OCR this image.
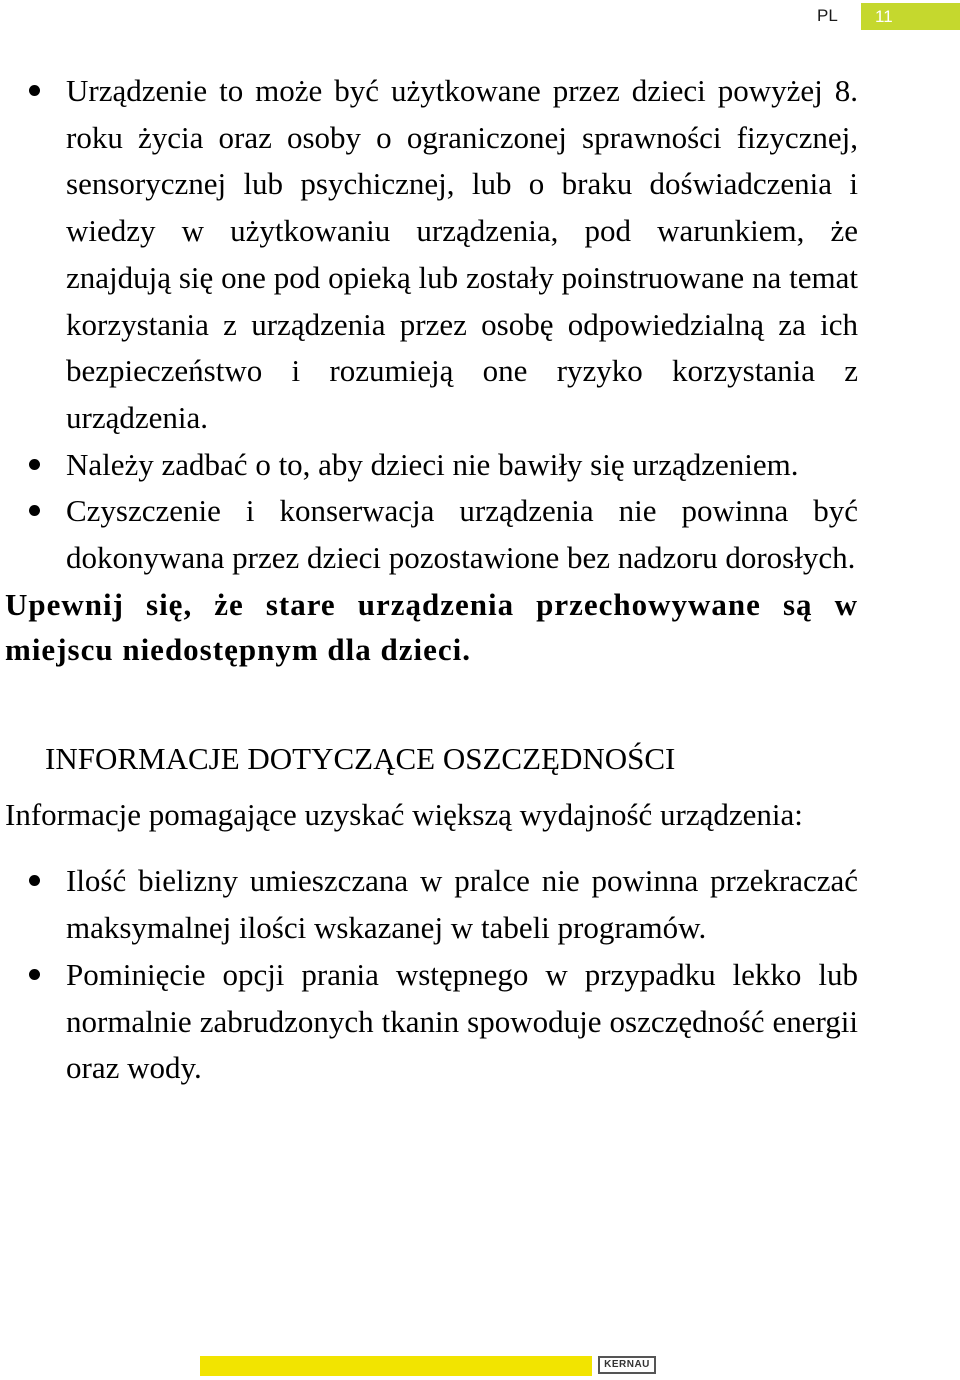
PL	11
Urządzenie to może być użytkowane przez dzieci powyżej 8. roku życia oraz osoby o ograniczonej sprawności fizycznej, sensorycznej lub psychicznej, lub o braku doświadczenia i wiedzy w użytkowaniu urządzenia, pod warunkiem, że znajdują się one pod opieką lub zostały poinstruowane na temat korzystania z urządzenia przez osobę odpowiedzialną za ich bezpieczeństwo i rozumieją one ryzyko korzystania z urządzenia.
Należy zadbać o to, aby dzieci nie bawiły się urządzeniem.
Czyszczenie i konserwacja urządzenia nie powinna być dokonywana przez dzieci pozostawione bez nadzoru dorosłych.
Upewnij się, że stare urządzenia przechowywane są w miejscu niedostępnym dla dzieci.
INFORMACJE DOTYCZĄCE OSZCZĘDNOŚCI
Informacje pomagające uzyskać większą wydajność urządzenia:
Ilość bielizny umieszczana w pralce nie powinna przekraczać maksymalnej ilości wskazanej w tabeli programów.
Pominięcie opcji prania wstępnego w przypadku lekko lub normalnie zabrudzonych tkanin spowoduje oszczędność energii oraz wody.
KERNAU
